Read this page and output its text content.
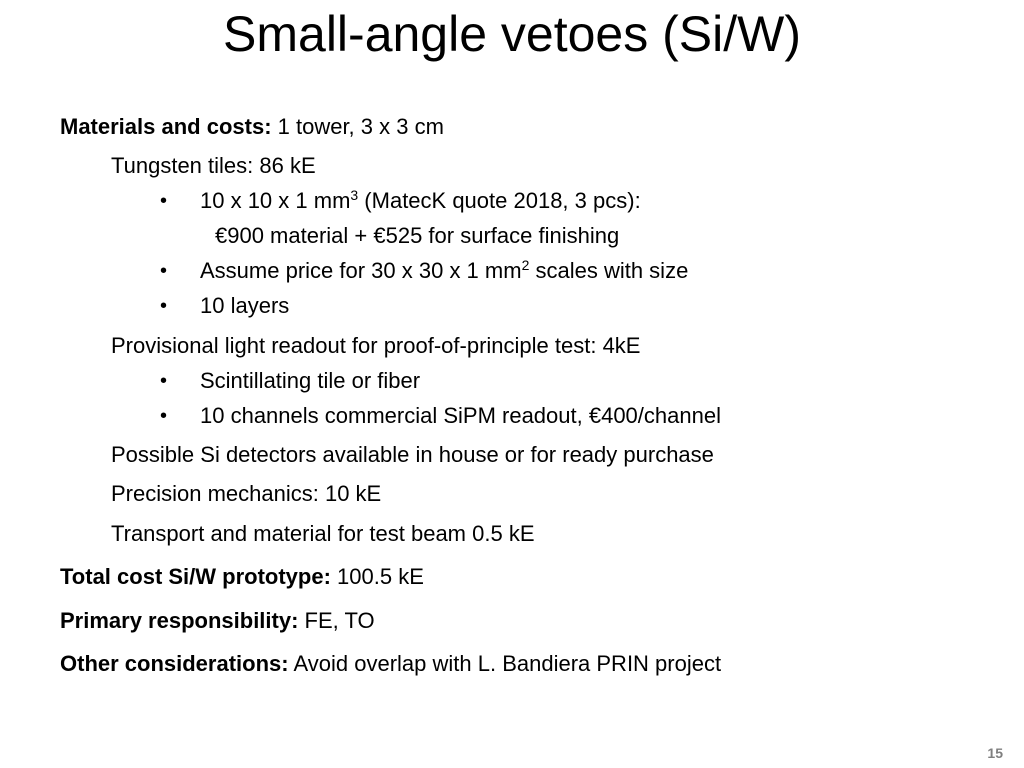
Small-angle vetoes (Si/W)
Materials and costs: 1 tower, 3 x 3 cm
Tungsten tiles: 86 kE
• 10 x 10 x 1 $mm^3$ (MatecK quote 2018, 3 pcs):
€900 material + €525 for surface finishing
• Assume price for 30 x 30 x 1 $mm^2$ scales with size
• 10 layers
Provisional light readout for proof-of-principle test: 4kE
• Scintillating tile or fiber
• 10 channels commercial SiPM readout, €400/channel
Possible Si detectors available in house or for ready purchase
Precision mechanics: 10 kE
Transport and material for test beam 0.5 kE
Total cost Si/W prototype: 100.5 kE
Primary responsibility: FE, TO
Other considerations: Avoid overlap with L. Bandiera PRIN project
15
